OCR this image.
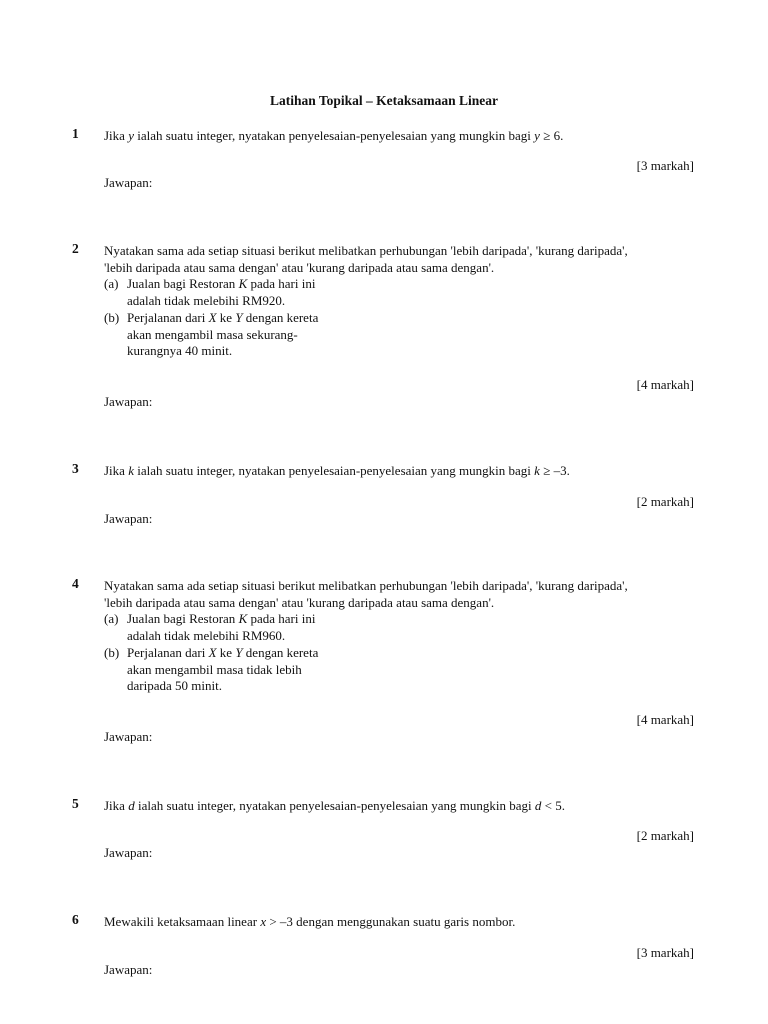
Latihan Topikal – Ketaksamaan Linear
1 Jika y ialah suatu integer, nyatakan penyelesaian-penyelesaian yang mungkin bagi y ≥ 6.
[3 markah]
Jawapan:
2 Nyatakan sama ada setiap situasi berikut melibatkan perhubungan 'lebih daripada', 'kurang daripada',
'lebih daripada atau sama dengan' atau 'kurang daripada atau sama dengan'.
(a) Jualan bagi Restoran K pada hari ini
adalah tidak melebihi RM920.
(b) Perjalanan dari X ke Y dengan kereta
akan mengambil masa sekurang-
kurangnya 40 minit.
[4 markah]
Jawapan:
3 Jika k ialah suatu integer, nyatakan penyelesaian-penyelesaian yang mungkin bagi k ≥ –3.
[2 markah]
Jawapan:
4 Nyatakan sama ada setiap situasi berikut melibatkan perhubungan 'lebih daripada', 'kurang daripada',
'lebih daripada atau sama dengan' atau 'kurang daripada atau sama dengan'.
(a) Jualan bagi Restoran K pada hari ini
adalah tidak melebihi RM960.
(b) Perjalanan dari X ke Y dengan kereta
akan mengambil masa tidak lebih
daripada 50 minit.
[4 markah]
Jawapan:
5 Jika d ialah suatu integer, nyatakan penyelesaian-penyelesaian yang mungkin bagi d < 5.
[2 markah]
Jawapan:
6 Mewakili ketaksamaan linear x > –3 dengan menggunakan suatu garis nombor.
[3 markah]
Jawapan:
